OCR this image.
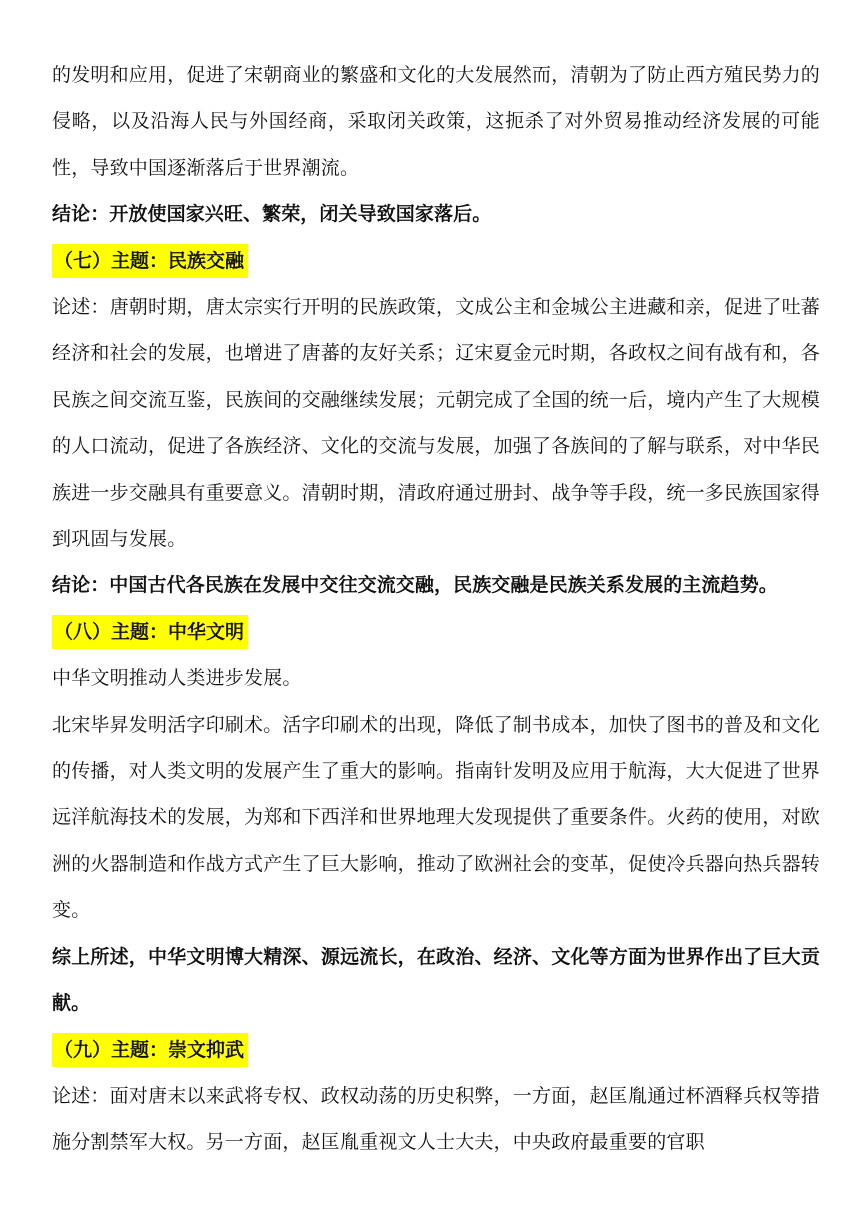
的发明和应用，促进了宋朝商业的繁盛和文化的大发展然而，清朝为了防止西方殖民势力的侵略，以及沿海人民与外国经商，采取闭关政策，这扼杀了对外贸易推动经济发展的可能性，导致中国逐渐落后于世界潮流。

结论：开放使国家兴旺、繁荣，闭关导致国家落后。

（七）主题：民族交融

论述：唐朝时期，唐太宗实行开明的民族政策，文成公主和金城公主进藏和亲，促进了吐蕃经济和社会的发展，也增进了唐蕃的友好关系；辽宋夏金元时期，各政权之间有战有和，各民族之间交流互鉴，民族间的交融继续发展；元朝完成了全国的统一后，境内产生了大规模的人口流动，促进了各族经济、文化的交流与发展，加强了各族间的了解与联系，对中华民族进一步交融具有重要意义。清朝时期，清政府通过册封、战争等手段，统一多民族国家得到巩固与发展。

结论：中国古代各民族在发展中交往交流交融，民族交融是民族关系发展的主流趋势。

（八）主题：中华文明

中华文明推动人类进步发展。

北宋毕昇发明活字印刷术。活字印刷术的出现，降低了制书成本，加快了图书的普及和文化的传播，对人类文明的发展产生了重大的影响。指南针发明及应用于航海，大大促进了世界远洋航海技术的发展，为郑和下西洋和世界地理大发现提供了重要条件。火药的使用，对欧洲的火器制造和作战方式产生了巨大影响，推动了欧洲社会的变革，促使冷兵器向热兵器转变。

综上所述，中华文明博大精深、源远流长，在政治、经济、文化等方面为世界作出了巨大贡献。

（九）主题：崇文抑武

论述：面对唐末以来武将专权、政权动荡的历史积弊，一方面，赵匡胤通过杯酒释兵权等措施分割禁军大权。另一方面，赵匡胤重视文人士大夫，中央政府最重要的官职
